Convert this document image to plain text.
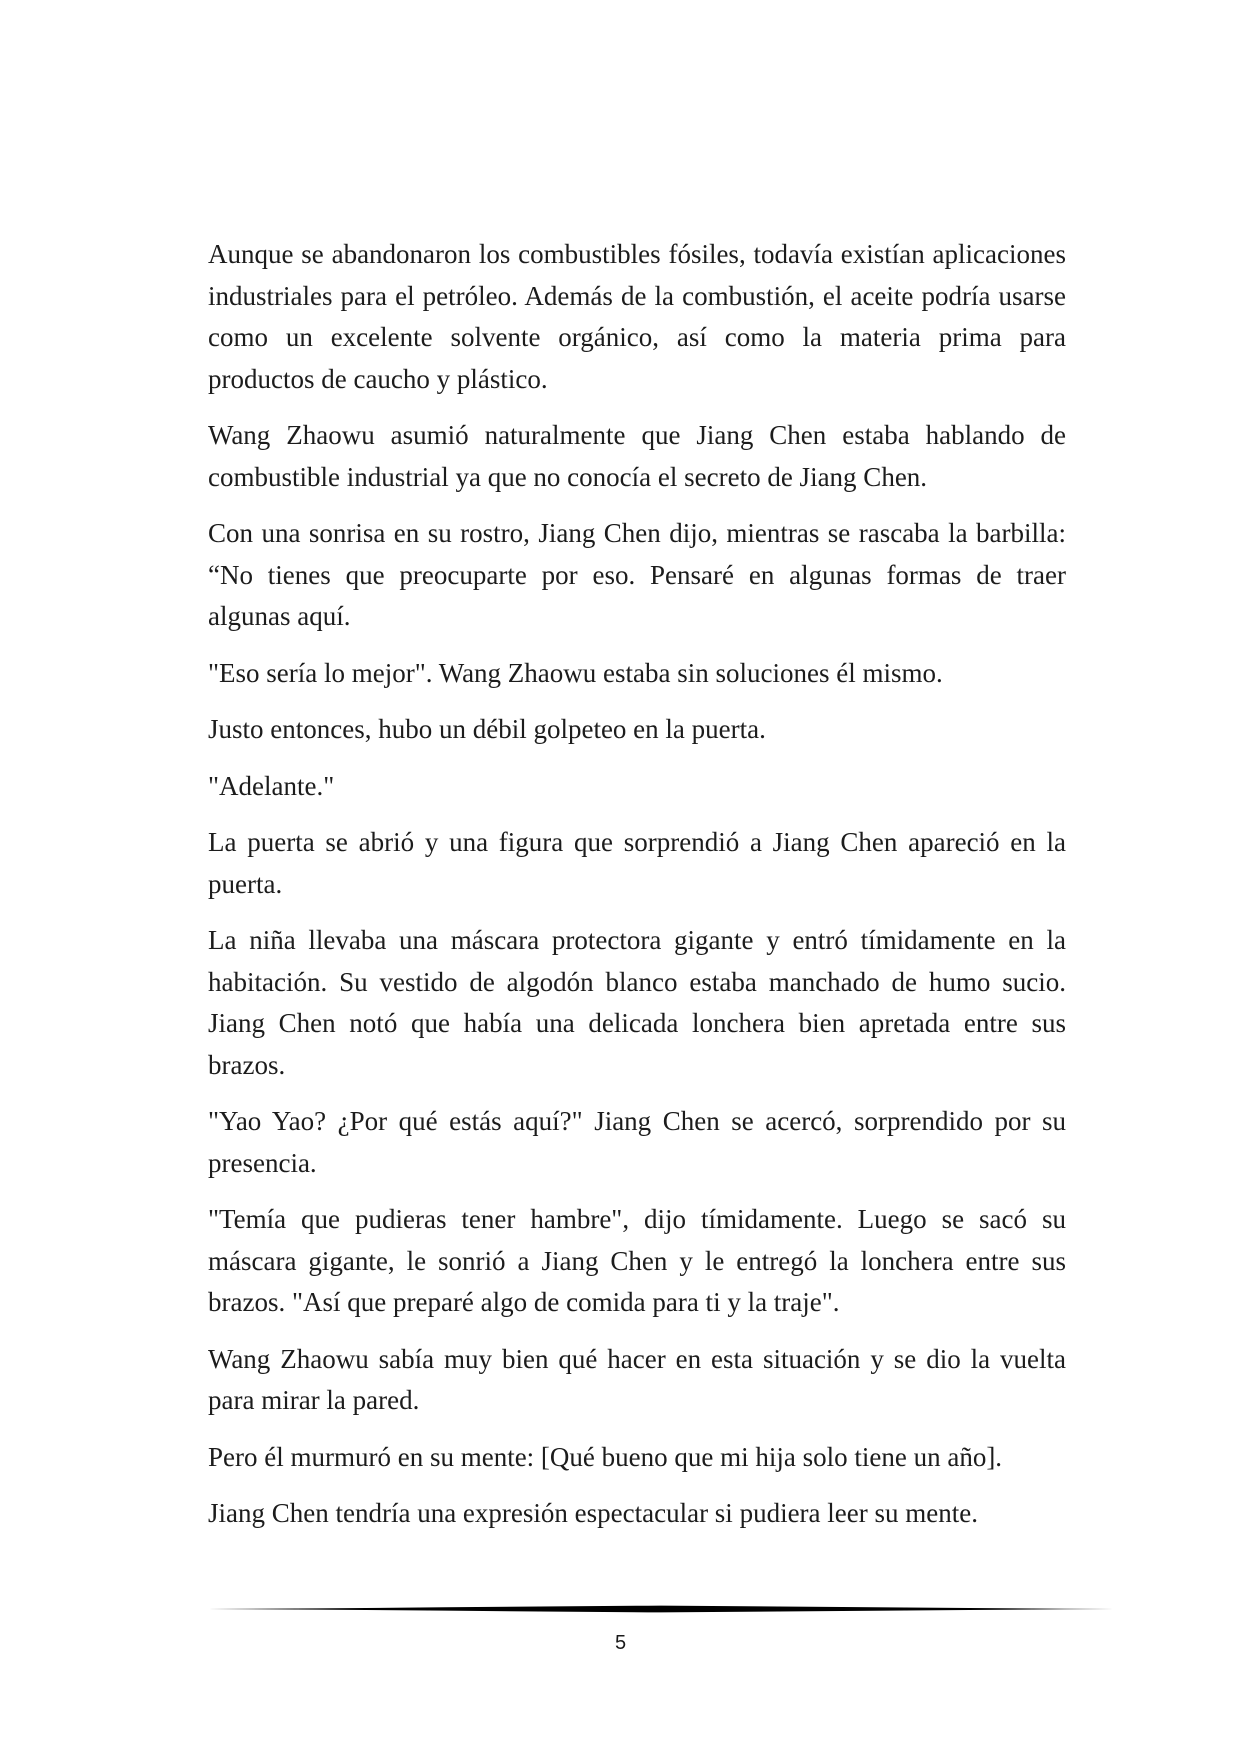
Aunque se abandonaron los combustibles fósiles, todavía existían aplicaciones industriales para el petróleo. Además de la combustión, el aceite podría usarse como un excelente solvente orgánico, así como la materia prima para productos de caucho y plástico.

Wang Zhaowu asumió naturalmente que Jiang Chen estaba hablando de combustible industrial ya que no conocía el secreto de Jiang Chen.

Con una sonrisa en su rostro, Jiang Chen dijo, mientras se rascaba la barbilla: “No tienes que preocuparte por eso. Pensaré en algunas formas de traer algunas aquí.

"Eso sería lo mejor". Wang Zhaowu estaba sin soluciones él mismo.

Justo entonces, hubo un débil golpeteo en la puerta.

"Adelante."

La puerta se abrió y una figura que sorprendió a Jiang Chen apareció en la puerta.

La niña llevaba una máscara protectora gigante y entró tímidamente en la habitación. Su vestido de algodón blanco estaba manchado de humo sucio. Jiang Chen notó que había una delicada lonchera bien apretada entre sus brazos.

"Yao Yao? ¿Por qué estás aquí?" Jiang Chen se acercó, sorprendido por su presencia.

"Temía que pudieras tener hambre", dijo tímidamente. Luego se sacó su máscara gigante, le sonrió a Jiang Chen y le entregó la lonchera entre sus brazos. "Así que preparé algo de comida para ti y la traje".

Wang Zhaowu sabía muy bien qué hacer en esta situación y se dio la vuelta para mirar la pared.

Pero él murmuró en su mente: [Qué bueno que mi hija solo tiene un año].

Jiang Chen tendría una expresión espectacular si pudiera leer su mente.

5
